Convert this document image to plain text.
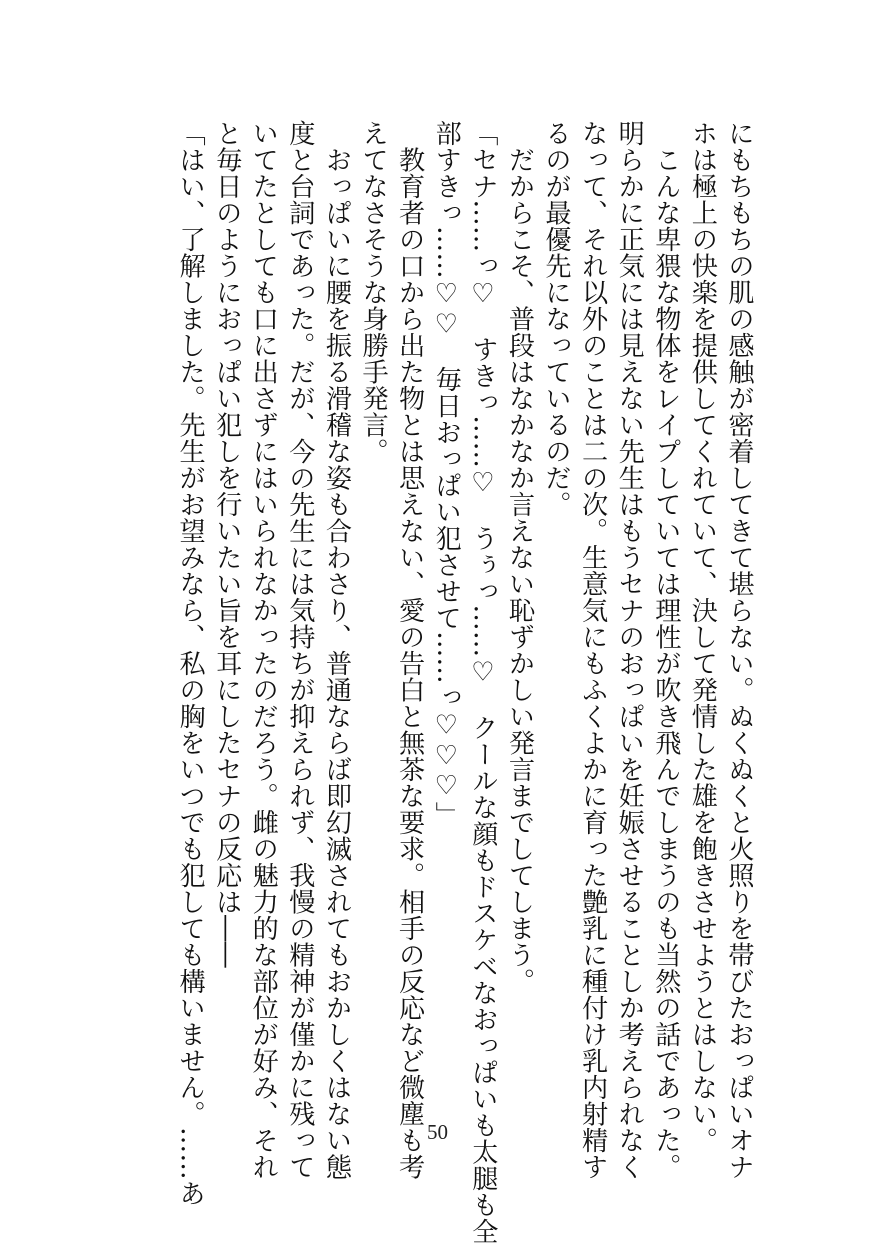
にもちもちの肌の感触が密着してきて堪らない。ぬくぬくと火照りを帯びたおっぱいオナ
ホは極上の快楽を提供してくれていて、決して発情した雄を飽きさせようとはしない。
　こんな卑猥な物体をレイプしていては理性が吹き飛んでしまうのも当然の話であった。
明らかに正気には見えない先生はもうセナのおっぱいを妊娠させることしか考えられなく
なって、それ以外のことは二の次。生意気にもふくよかに育った艶乳に種付け乳内射精す
るのが最優先になっているのだ。
　だからこそ、普段はなかなか言えない恥ずかしい発言までしてしまう。
「セナ……っ♡　すきっ……♡　うぅっ……♡　クールな顔もドスケベなおっぱいも太腿も全
部すきっ……♡♡　毎日おっぱい犯させて……っ♡♡♡」
　教育者の口から出た物とは思えない、愛の告白と無茶な要求。相手の反応など微塵も考
えてなさそうな身勝手発言。
　おっぱいに腰を振る滑稽な姿も合わさり、普通ならば即幻滅されてもおかしくはない態
度と台詞であった。だが、今の先生には気持ちが抑えられず、我慢の精神が僅かに残って
いてたとしても口に出さずにはいられなかったのだろう。雌の魅力的な部位が好み、それ
と毎日のようにおっぱい犯しを行いたい旨を耳にしたセナの反応は――
「はい、了解しました。先生がお望みなら、私の胸をいつでも犯しても構いません。……あ	50
